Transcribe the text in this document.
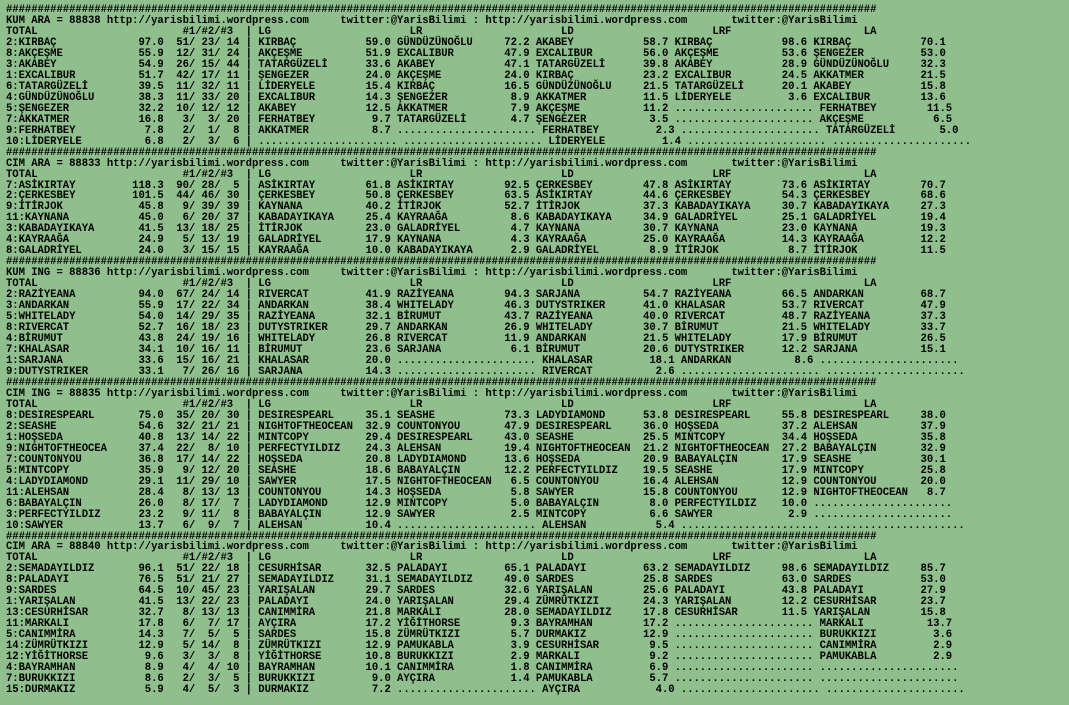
##########################################################################################################################################
KUM ARA = 88838 http://yarisbilimi.wordpress.com     twitter:@YarisBilimi : http://yarisbilimi.wordpress.com       twitter:@YarisBilimi
TOTAL                       #1/#2/#3  | LG                      LR                      LD                      LRF                     LA
2:KIRBAÇ             97.0  51/ 23/ 14 | KIRBAÇ           59.0 GÜNDÜZÜNOĞLU     72.2 AKABEY           58.7 KIRBAÇ           98.6 KIRBAÇ           70.1
8:AKÇEŞME            55.9  12/ 31/ 24 | AKÇEŞME          51.9 EXCALIBUR        47.9 EXCALIBUR        56.0 AKÇEŞME          53.6 ŞENGEZER         53.0
3:AKABEY             54.9  26/ 15/ 44 | TATARGÜZELİ      33.6 AKABEY           47.1 TATARGÜZELİ      39.8 AKABEY           28.9 GÜNDÜZÜNOĞLU     32.3
1:EXCALIBUR          51.7  42/ 17/ 11 | ŞENGEZER         24.0 AKÇEŞME          24.0 KIRBAÇ           23.2 EXCALIBUR        24.5 AKKATMER         21.5
6:TATARGÜZELİ        39.5  11/ 32/ 11 | LİDERYELE        15.4 KIRBAÇ           16.5 GÜNDÜZÜNOĞLU     21.5 TATARGÜZELİ      20.1 AKABEY           15.8
4:GÜNDÜZÜNOĞLU       38.3  11/ 33/ 20 | EXCALIBUR        14.3 ŞENGEZER          8.9 AKKATMER         11.5 LİDERYELE         3.6 EXCALIBUR        13.6
5:ŞENGEZER           32.2  10/ 12/ 12 | AKABEY           12.5 AKKATMER          7.9 AKÇEŞME          11.2 ...................... FERHATBEY        11.5
7:AKKATMER           16.8   3/  3/ 20 | FERHATBEY         9.7 TATARGÜZELİ       4.7 ŞENGEZER          3.5 ...................... AKÇEŞME           6.5
9:FERHATBEY           7.8   2/  1/  8 | AKKATMER          8.7 ...................... FERHATBEY         2.3 ...................... TATARGÜZELİ       5.0
10:LİDERYELE          6.8   2/  3/  6 | ...................... ...................... LİDERYELE         1.4 ...................... ......................
##########################################################################################################################################
CIM ARA = 88833 http://yarisbilimi.wordpress.com     twitter:@YarisBilimi : http://yarisbilimi.wordpress.com       twitter:@YarisBilimi
TOTAL                       #1/#2/#3  | LG                      LR                      LD                      LRF                     LA
7:ASİKIRTAY         118.3  90/ 28/  5 | ASİKIRTAY        61.8 ASİKIRTAY        92.5 ÇERKESBEY        47.8 ASİKIRTAY        73.6 ASİKIRTAY        70.7
2:ÇERKESBEY         101.5  44/ 46/ 30 | ÇERKESBEY        50.8 ÇERKESBEY        63.5 ASİKIRTAY        44.6 ÇERKESBEY        54.3 ÇERKESBEY        68.6
9:İTİRJOK            45.8   9/ 39/ 39 | KAYNANA          40.2 İTİRJOK          52.7 İTİRJOK          37.3 KABADAYIKAYA     30.7 KABADAYIKAYA     27.3
11:KAYNANA           45.0   6/ 20/ 37 | KABADAYIKAYA     25.4 KAYRAAĞA          8.6 KABADAYIKAYA     34.9 GALADRİYEL       25.1 GALADRİYEL       19.4
3:KABADAYIKAYA       41.5  13/ 18/ 25 | İTİRJOK          23.0 GALADRİYEL        4.7 KAYNANA          30.7 KAYNANA          23.0 KAYNANA          19.3
4:KAYRAAĞA           24.9   5/ 13/ 19 | GALADRİYEL       17.9 KAYNANA           4.3 KAYRAAĞA         25.0 KAYRAAĞA         14.3 KAYRAAĞA         12.2
8:GALADRİYEL         24.0   3/ 15/ 15 | KAYRAAĞA         10.0 KABADAYIKAYA      2.9 GALADRİYEL        8.9 İTİRJOK           8.7 İTİRJOK          11.5
##########################################################################################################################################
KUM ING = 88836 http://yarisbilimi.wordpress.com     twitter:@YarisBilimi : http://yarisbilimi.wordpress.com       twitter:@YarisBilimi
TOTAL                       #1/#2/#3  | LG                      LR                      LD                      LRF                     LA
2:RAZİYEANA          94.0  67/ 24/ 14 | RIVERCAT         41.9 RAZİYEANA        94.3 SARJANA          54.7 RAZİYEANA        66.5 ANDARKAN         68.7
3:ANDARKAN           55.9  17/ 22/ 34 | ANDARKAN         38.4 WHITELADY        46.3 DUTYSTRIKER      41.0 KHALASAR         53.7 RIVERCAT         47.9
5:WHITELADY          54.0  14/ 29/ 35 | RAZİYEANA        32.1 BİRUMUT          43.7 RAZİYEANA        40.0 RIVERCAT         48.7 RAZİYEANA        37.3
8:RIVERCAT           52.7  16/ 18/ 23 | DUTYSTRIKER      29.7 ANDARKAN         26.9 WHITELADY        30.7 BİRUMUT          21.5 WHITELADY        33.7
4:BİRUMUT            43.8  24/ 19/ 16 | WHITELADY        26.8 RIVERCAT         11.9 ANDARKAN         21.5 WHITELADY        17.9 BİRUMUT          26.5
7:KHALASAR           34.1  10/ 16/ 11 | BİRUMUT          23.6 SARJANA           6.1 BİRUMUT          20.6 DUTYSTRIKER      12.2 SARJANA          15.1
1:SARJANA            33.6  15/ 16/ 21 | KHALASAR         20.0 ...................... KHALASAR         18.1 ANDARKAN          8.6 ......................
9:DUTYSTRIKER        33.1   7/ 26/ 16 | SARJANA          14.3 ...................... RIVERCAT          2.6 ...................... ......................
##########################################################################################################################################
CIM ING = 88835 http://yarisbilimi.wordpress.com     twitter:@YarisBilimi : http://yarisbilimi.wordpress.com       twitter:@YarisBilimi
TOTAL                       #1/#2/#3  | LG                      LR                      LD                      LRF                     LA
8:DESIRESPEARL       75.0  35/ 20/ 30 | DESIRESPEARL     35.1 SEASHE           73.3 LADYDIAMOND      53.8 DESIRESPEARL     55.8 DESIRESPEARL     38.0
2:SEASHE             54.6  32/ 21/ 21 | NIGHTOFTHEOCEAN  32.9 COUNTONYOU       47.9 DESIRESPEARL     36.0 HOŞSEDA          37.2 ALEHSAN          37.9
1:HOŞSEDA            40.8  13/ 14/ 22 | MINTCOPY         29.4 DESIRESPEARL     43.0 SEASHE           25.5 MINTCOPY         34.4 HOŞSEDA          35.8
9:NIGHTOFTHEOCEA     37.4  22/  8/ 10 | PERFECTYILDIZ    24.3 ALEHSAN          19.4 NIGHTOFTHEOCEAN  21.2 NIGHTOFTHEOCEAN  27.2 BABAYALÇIN       32.9
7:COUNTONYOU         36.8  17/ 14/ 22 | HOŞSEDA          20.8 LADYDIAMOND      13.6 HOŞSEDA          20.9 BABAYALÇIN       17.9 SEASHE           30.1
5:MINTCOPY           35.9   9/ 12/ 20 | SEASHE           18.6 BABAYALÇIN       12.2 PERFECTYILDIZ    19.5 SEASHE           17.9 MINTCOPY         25.8
4:LADYDIAMOND        29.1  11/ 29/ 10 | SAWYER           17.5 NIGHTOFTHEOCEAN   6.5 COUNTONYOU       16.4 ALEHSAN          12.9 COUNTONYOU       20.0
11:ALEHSAN           28.4   8/ 13/ 13 | COUNTONYOU       14.3 HOŞSEDA           5.8 SAWYER           15.8 COUNTONYOU       12.9 NIGHTOFTHEOCEAN   8.7
6:BABAYALÇIN         26.0   8/ 17/  7 | LADYDIAMOND      12.9 MINTCOPY          5.0 BABAYALÇIN        8.0 PERFECTYILDIZ    10.0 ......................
3:PERFECTYILDIZ      23.2   9/ 11/  8 | BABAYALÇIN       12.9 SAWYER            2.5 MINTCOPY          6.6 SAWYER            2.9 ......................
10:SAWYER            13.7   6/  9/  7 | ALEHSAN          10.4 ...................... ALEHSAN           5.4 ...................... ......................
##########################################################################################################################################
CIM ARA = 88840 http://yarisbilimi.wordpress.com     twitter:@YarisBilimi : http://yarisbilimi.wordpress.com       twitter:@YarisBilimi
TOTAL                       #1/#2/#3  | LG                      LR                      LD                      LRF                     LA
2:SEMADAYILDIZ       96.1  51/ 22/ 18 | CESURHİSAR       32.5 PALADAYI         65.1 PALADAYI         63.2 SEMADAYILDIZ     98.6 SEMADAYILDIZ     85.7
8:PALADAYI           76.5  51/ 21/ 27 | SEMADAYILDIZ     31.1 SEMADAYILDIZ     49.0 SARDES           25.8 SARDES           63.0 SARDES           53.0
9:SARDES             64.5  10/ 45/ 23 | YARIŞALAN        29.7 SARDES           32.6 YARIŞALAN        25.6 PALADAYI         43.8 PALADAYI         27.9
1:YARIŞALAN          41.5  13/ 22/ 23 | PALADAYI         24.0 YARIŞALAN        29.4 ZÜMRÜTKIZI       24.3 YARIŞALAN        12.2 CESURHİSAR       23.7
13:CESURHİSAR        32.7   8/ 13/ 13 | CANIMMİRA        21.8 MARKALI          28.0 SEMADAYILDIZ     17.8 CESURHİSAR       11.5 YARIŞALAN        15.8
11:MARKALI           17.8   6/  7/ 17 | AYÇIRA           17.2 YİĞİTHORSE        9.3 BAYRAMHAN        17.2 ...................... MARKALI          13.7
5:CANIMMİRA          14.3   7/  5/  5 | SARDES           15.8 ZÜMRÜTKIZI        5.7 DURMAKIZ         12.9 ...................... BURUKKIZI         3.6
14:ZÜMRÜTKIZI        12.9   5/ 14/  8 | ZÜMRÜTKIZI       12.9 PAMUKABLA         3.9 CESURHİSAR        9.5 ...................... CANIMMİRA         2.9
12:YİĞİTHORSE         9.6   3/  3/  8 | YİĞİTHORSE       10.8 BURUKKIZI         2.9 MARKALI           9.2 ...................... PAMUKABLA         2.9
4:BAYRAMHAN           8.9   4/  4/ 10 | BAYRAMHAN        10.1 CANIMMİRA         1.8 CANIMMİRA         6.9 ...................... ......................
7:BURUKKIZI           8.6   2/  3/  5 | BURUKKIZI         9.0 AYÇIRA            1.4 PAMUKABLA         5.7 ...................... ......................
15:DURMAKIZ           5.9   4/  5/  3 | DURMAKIZ          7.2 ...................... AYÇIRA            4.0 ...................... ......................
